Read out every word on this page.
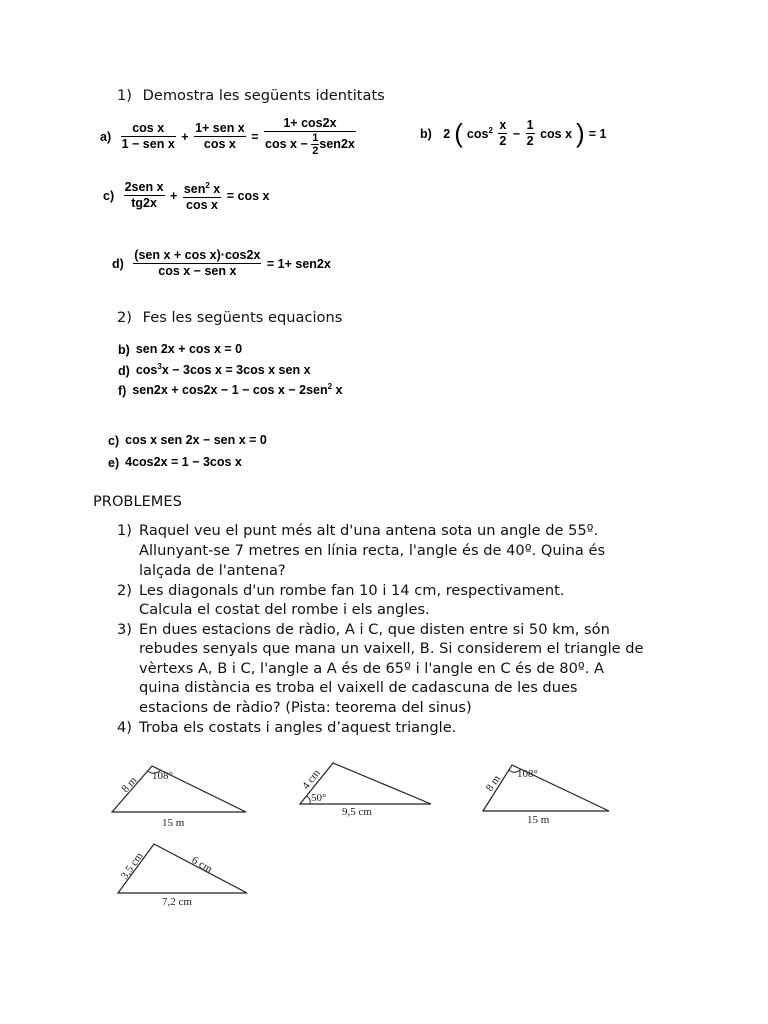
1) Demostra les següents identitats
$a) \frac{\text{cos x}}{\text{1 − sen x}} + \frac{\text{1+ sen x}}{\text{cos x}} = \frac{1+ \cos 2x}{\cos x - \frac{1}{2} sen2x}$	b) 2 ( $\cos^2 \frac{x}{2} - \frac{1}{2}$ cos x ) = 1
$c) \frac{\text{2sen x}}{tg2x} + \frac{sen^2 x}{\text{cos x}} = \cos x$
$d) \frac{\text{(sen x + cos x)·cos2x}}{\text{cos x − sen x}} = 1+ sen2x$
2) Fes les següents equacions
b) sen 2x + cos x = 0
d) $\cos^3x - 3\cos$ x = 3cos x sen x
f) sen2x + cos2x − 1 − cos x − 2sen$^2$ x
c) cos x sen 2x − sen x = 0
e) 4cos2x = 1 − 3cos x
PROBLEMES
1) Raquel veu el punt més alt d'una antena sota un angle de 55º.
Allunyant-se 7 metres en línia recta, l'angle és de 40º. Quina és
lalçada de l'antena?
2) Les diagonals d'un rombe fan 10 i 14 cm, respectivament.
Calcula el costat del rombe i els angles.
3) En dues estacions de ràdio, A i C, que disten entre si 50 km, són
rebudes senyals que mana un vaixell, B. Si considerem el triangle de
vèrtexs A, B i C, l'angle a A és de 65º i l'angle en C és de 80º. A
quina distància es troba el vaixell de cadascuna de les dues
estacions de ràdio? (Pista: teorema del sinus)
4) Troba els costats i angles d’aquest triangle.
8 m 108°
15 m
4 cm
50°
9,5 cm
8 m 108°
15 m
3,5 cm	6 cm
7,2 cm
